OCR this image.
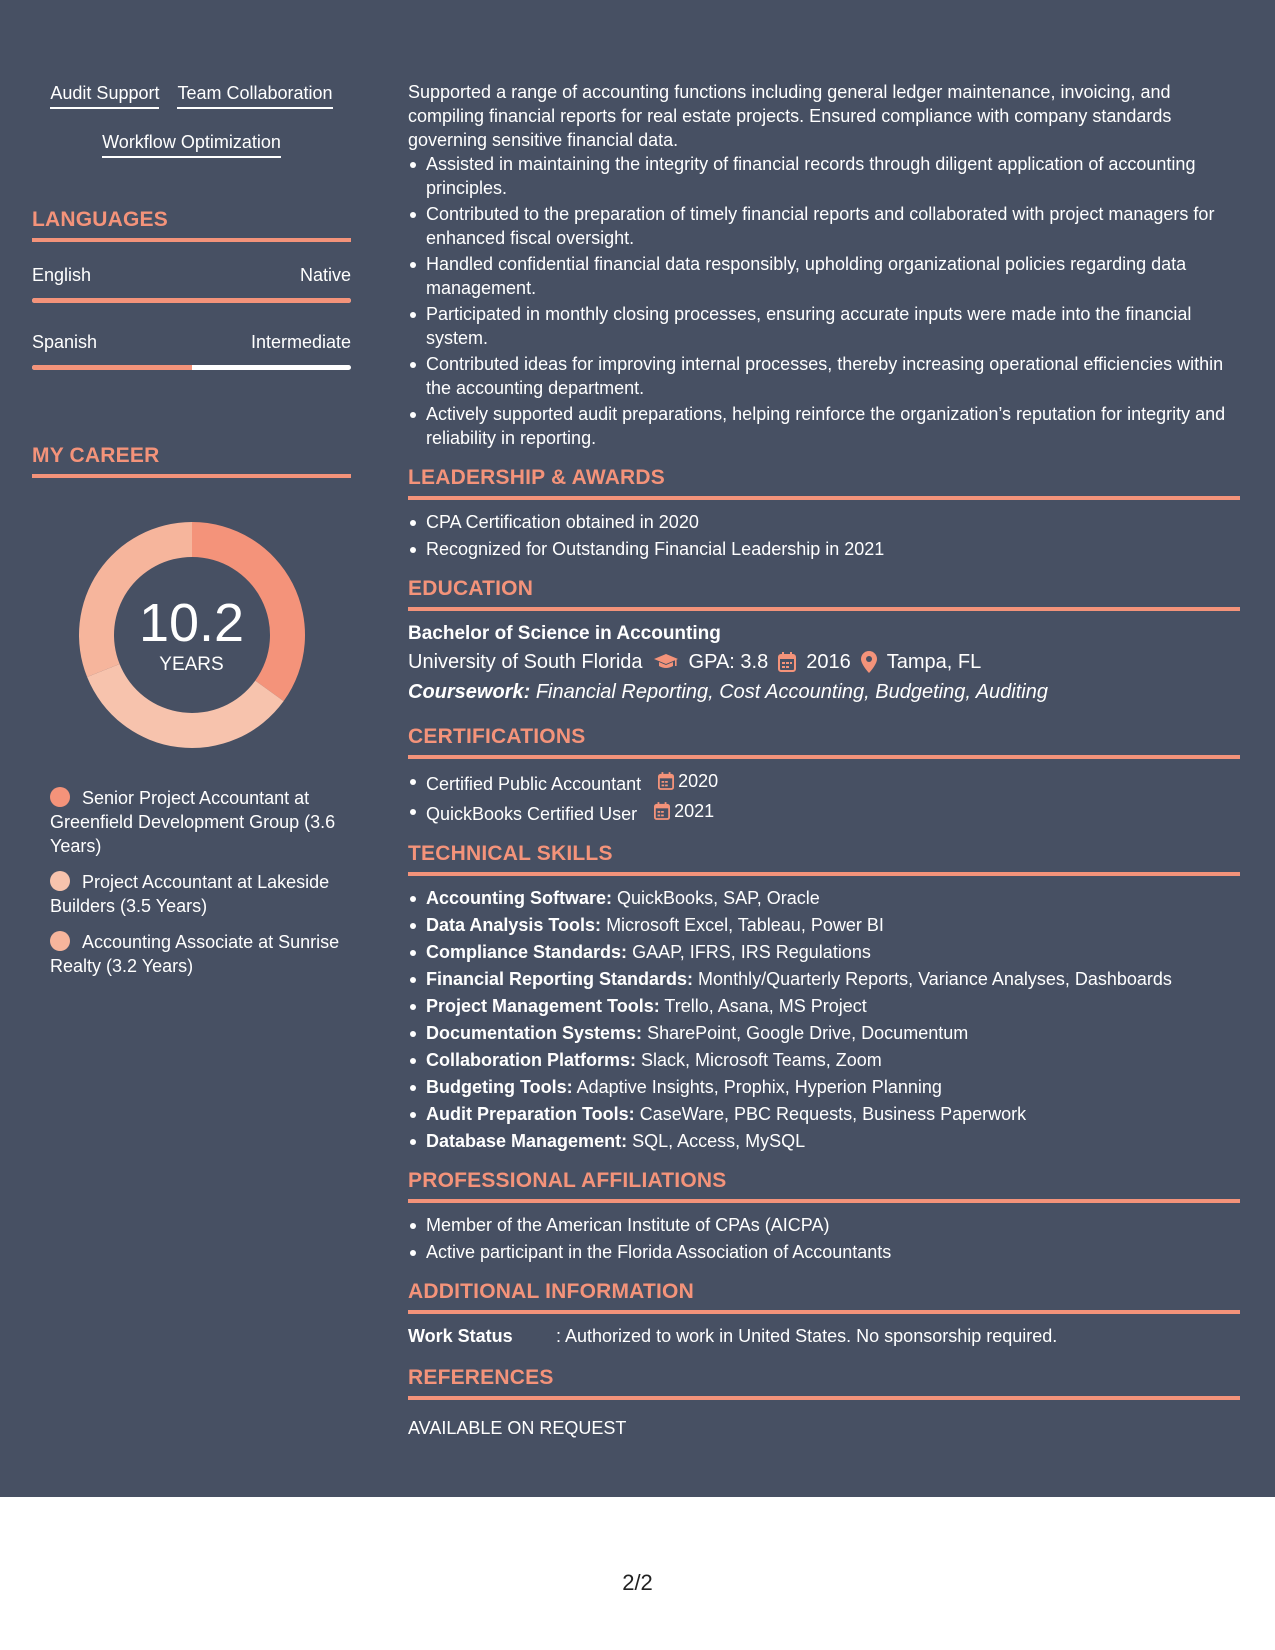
Audit Support Team Collaboration
Workflow Optimization
LANGUAGES
English	Native
Spanish	Intermediate
MY CAREER
10.2
YEARS
Senior Project Accountant at Greenfield Development Group (3.6 Years)
Project Accountant at Lakeside Builders (3.5 Years)
Accounting Associate at Sunrise Realty (3.2 Years)
Supported a range of accounting functions including general ledger maintenance, invoicing, and compiling financial reports for real estate projects. Ensured compliance with company standards governing sensitive financial data.
Assisted in maintaining the integrity of financial records through diligent application of accounting principles.
Contributed to the preparation of timely financial reports and collaborated with project managers for enhanced fiscal oversight.
Handled confidential financial data responsibly, upholding organizational policies regarding data management.
Participated in monthly closing processes, ensuring accurate inputs were made into the financial system.
Contributed ideas for improving internal processes, thereby increasing operational efficiencies within the accounting department.
Actively supported audit preparations, helping reinforce the organization’s reputation for integrity and reliability in reporting.
LEADERSHIP & AWARDS
CPA Certification obtained in 2020
Recognized for Outstanding Financial Leadership in 2021
EDUCATION
Bachelor of Science in Accounting
University of South Florida GPA: 3.8 2016 Tampa, FL
Coursework: Financial Reporting, Cost Accounting, Budgeting, Auditing
CERTIFICATIONS
Certified Public Accountant 2020
QuickBooks Certified User 2021
TECHNICAL SKILLS
Accounting Software: QuickBooks, SAP, Oracle
Data Analysis Tools: Microsoft Excel, Tableau, Power BI
Compliance Standards: GAAP, IFRS, IRS Regulations
Financial Reporting Standards: Monthly/Quarterly Reports, Variance Analyses, Dashboards
Project Management Tools: Trello, Asana, MS Project
Documentation Systems: SharePoint, Google Drive, Documentum
Collaboration Platforms: Slack, Microsoft Teams, Zoom
Budgeting Tools: Adaptive Insights, Prophix, Hyperion Planning
Audit Preparation Tools: CaseWare, PBC Requests, Business Paperwork
Database Management: SQL, Access, MySQL
PROFESSIONAL AFFILIATIONS
Member of the American Institute of CPAs (AICPA)
Active participant in the Florida Association of Accountants
ADDITIONAL INFORMATION
Work Status	: Authorized to work in United States. No sponsorship required.
REFERENCES
AVAILABLE ON REQUEST
2/2
